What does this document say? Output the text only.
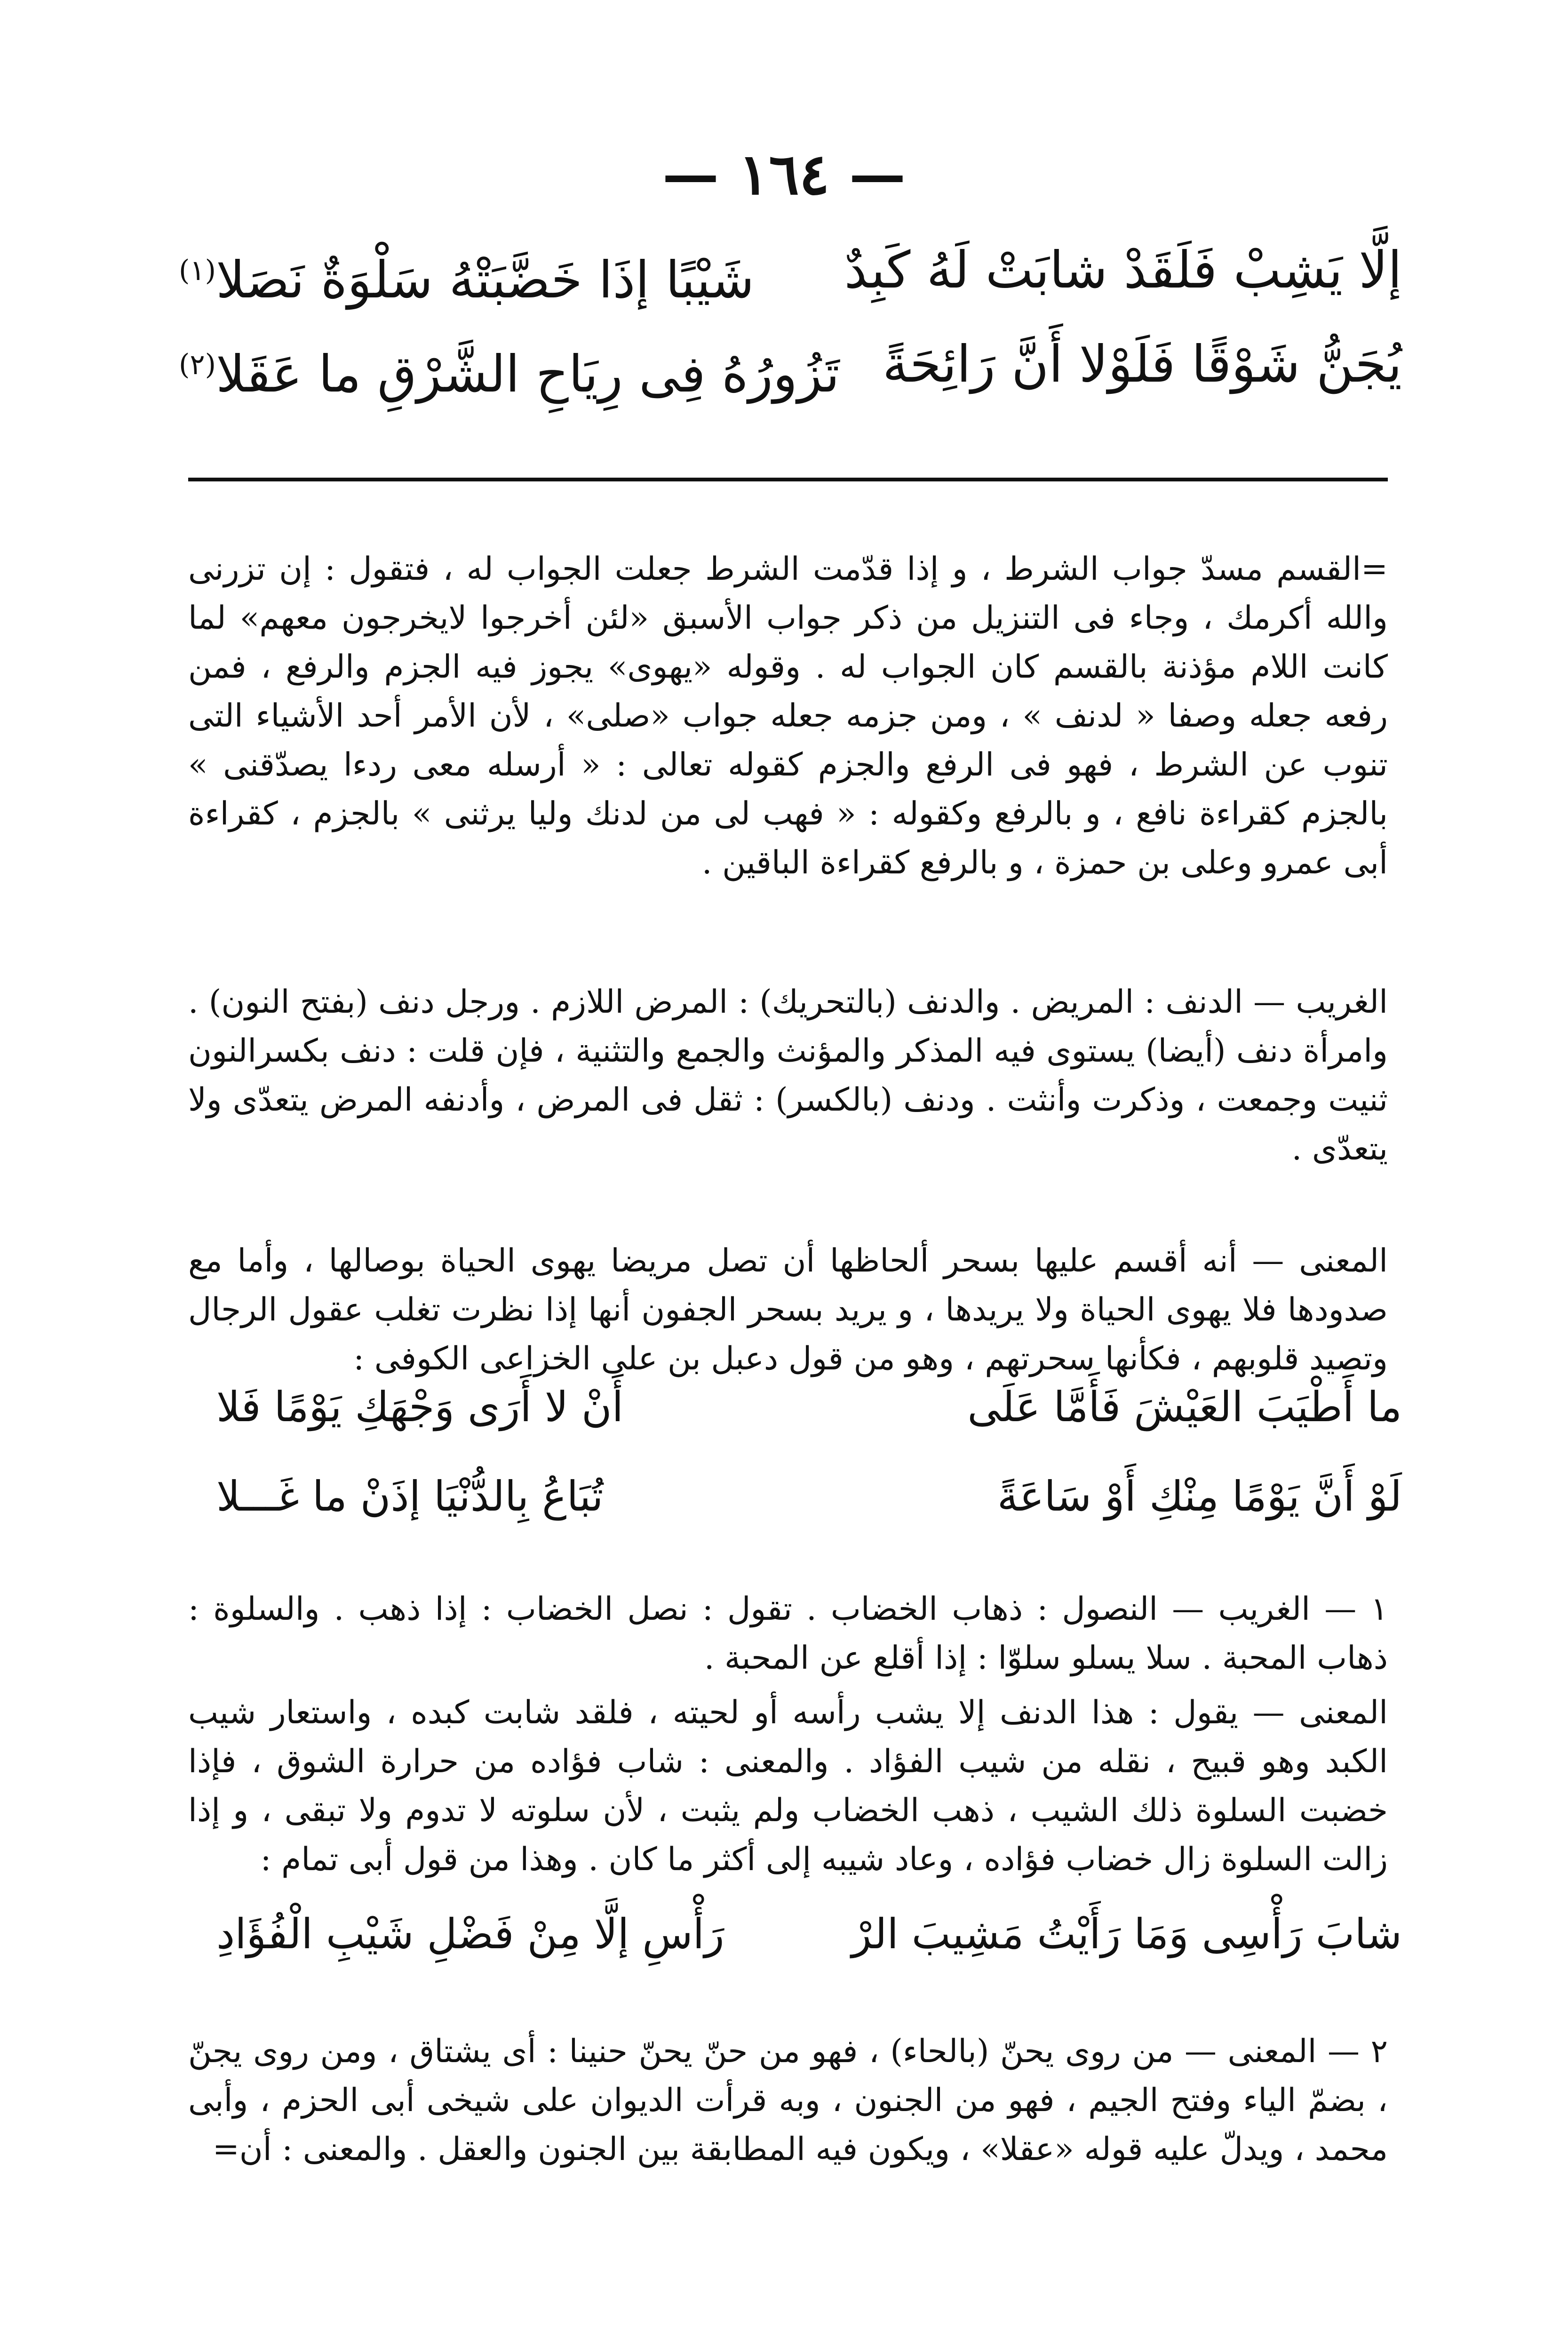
— ١٦٤ —
إلَّا يَشِبْ فَلَقَدْ شابَتْ لَهُ كَبِدٌ
شَيْبًا إذَا خَضَّبَتْهُ سَلْوَةٌ نَصَلا$^{(١)}$
يُجَنُّ شَوْقًا فَلَوْلا أَنَّ رَائِحَةً
تَزُورُهُ فِى رِيَاحِ الشَّرْقِ ما عَقَلا$^{(٢)}$

=القسم مسدّ جواب الشرط ، و إذا قدّمت الشرط جعلت الجواب له ، فتقول : إن تزرنى والله أكرمك ، وجاء فى التنزيل من ذكر جواب الأسبق «لئن أخرجوا لايخرجون معهم» لما كانت اللام مؤذنة بالقسم كان الجواب له . وقوله «يهوى» يجوز فيه الجزم والرفع ، فمن رفعه جعله وصفا « لدنف » ، ومن جزمه جعله جواب «صلى» ، لأن الأمر أحد الأشياء التى تنوب عن الشرط ، فهو فى الرفع والجزم كقوله تعالى : « أرسله معى ردءا يصدّقنى » بالجزم كقراءة نافع ، و بالرفع وكقوله : « فهب لى من لدنك وليا يرثنى » بالجزم ، كقراءة أبى عمرو وعلى بن حمزة ، و بالرفع كقراءة الباقين .

الغريب — الدنف : المريض . والدنف (بالتحريك) : المرض اللازم . ورجل دنف (بفتح النون) . وامرأة دنف (أيضا) يستوى فيه المذكر والمؤنث والجمع والتثنية ، فإن قلت : دنف بكسرالنون ثنيت وجمعت ، وذكرت وأنثت . ودنف (بالكسر) : ثقل فى المرض ، وأدنفه المرض يتعدّى ولا يتعدّى .

المعنى — أنه أقسم عليها بسحر ألحاظها أن تصل مريضا يهوى الحياة بوصالها ، وأما مع صدودها فلا يهوى الحياة ولا يريدها ، و يريد بسحر الجفون أنها إذا نظرت تغلب عقول الرجال وتصيد قلوبهم ، فكأنها سحرتهم ، وهو من قول دعبل بن على الخزاعى الكوفى :

ما أَطْيَبَ العَيْشَ فَأَمَّا عَلَى
أَنْ لا أَرَى وَجْهَكِ يَوْمًا فَلا
لَوْ أَنَّ يَوْمًا مِنْكِ أَوْ سَاعَةً
تُبَاعُ بِالدُّنْيَا إذَنْ ما غَـــلا

١ — الغريب — النصول : ذهاب الخضاب . تقول : نصل الخضاب : إذا ذهب . والسلوة : ذهاب المحبة . سلا يسلو سلوّا : إذا أقلع عن المحبة .

المعنى — يقول : هذا الدنف إلا يشب رأسه أو لحيته ، فلقد شابت كبده ، واستعار شيب الكبد وهو قبيح ، نقله من شيب الفؤاد . والمعنى : شاب فؤاده من حرارة الشوق ، فإذا خضبت السلوة ذلك الشيب ، ذهب الخضاب ولم يثبت ، لأن سلوته لا تدوم ولا تبقى ، و إذا زالت السلوة زال خضاب فؤاده ، وعاد شيبه إلى أكثر ما كان . وهذا من قول أبى تمام :

شابَ رَأْسِى وَمَا رَأَيْتُ مَشِيبَ الرْ
رَأْسِ إلَّا مِنْ فَضْلِ شَيْبِ الْفُؤَادِ

٢ — المعنى — من روى يحنّ (بالحاء) ، فهو من حنّ يحنّ حنينا : أى يشتاق ، ومن روى يجنّ ، بضمّ الياء وفتح الجيم ، فهو من الجنون ، وبه قرأت الديوان على شيخى أبى الحزم ، وأبى محمد ، ويدلّ عليه قوله «عقلا» ، ويكون فيه المطابقة بين الجنون والعقل . والمعنى : أن=
